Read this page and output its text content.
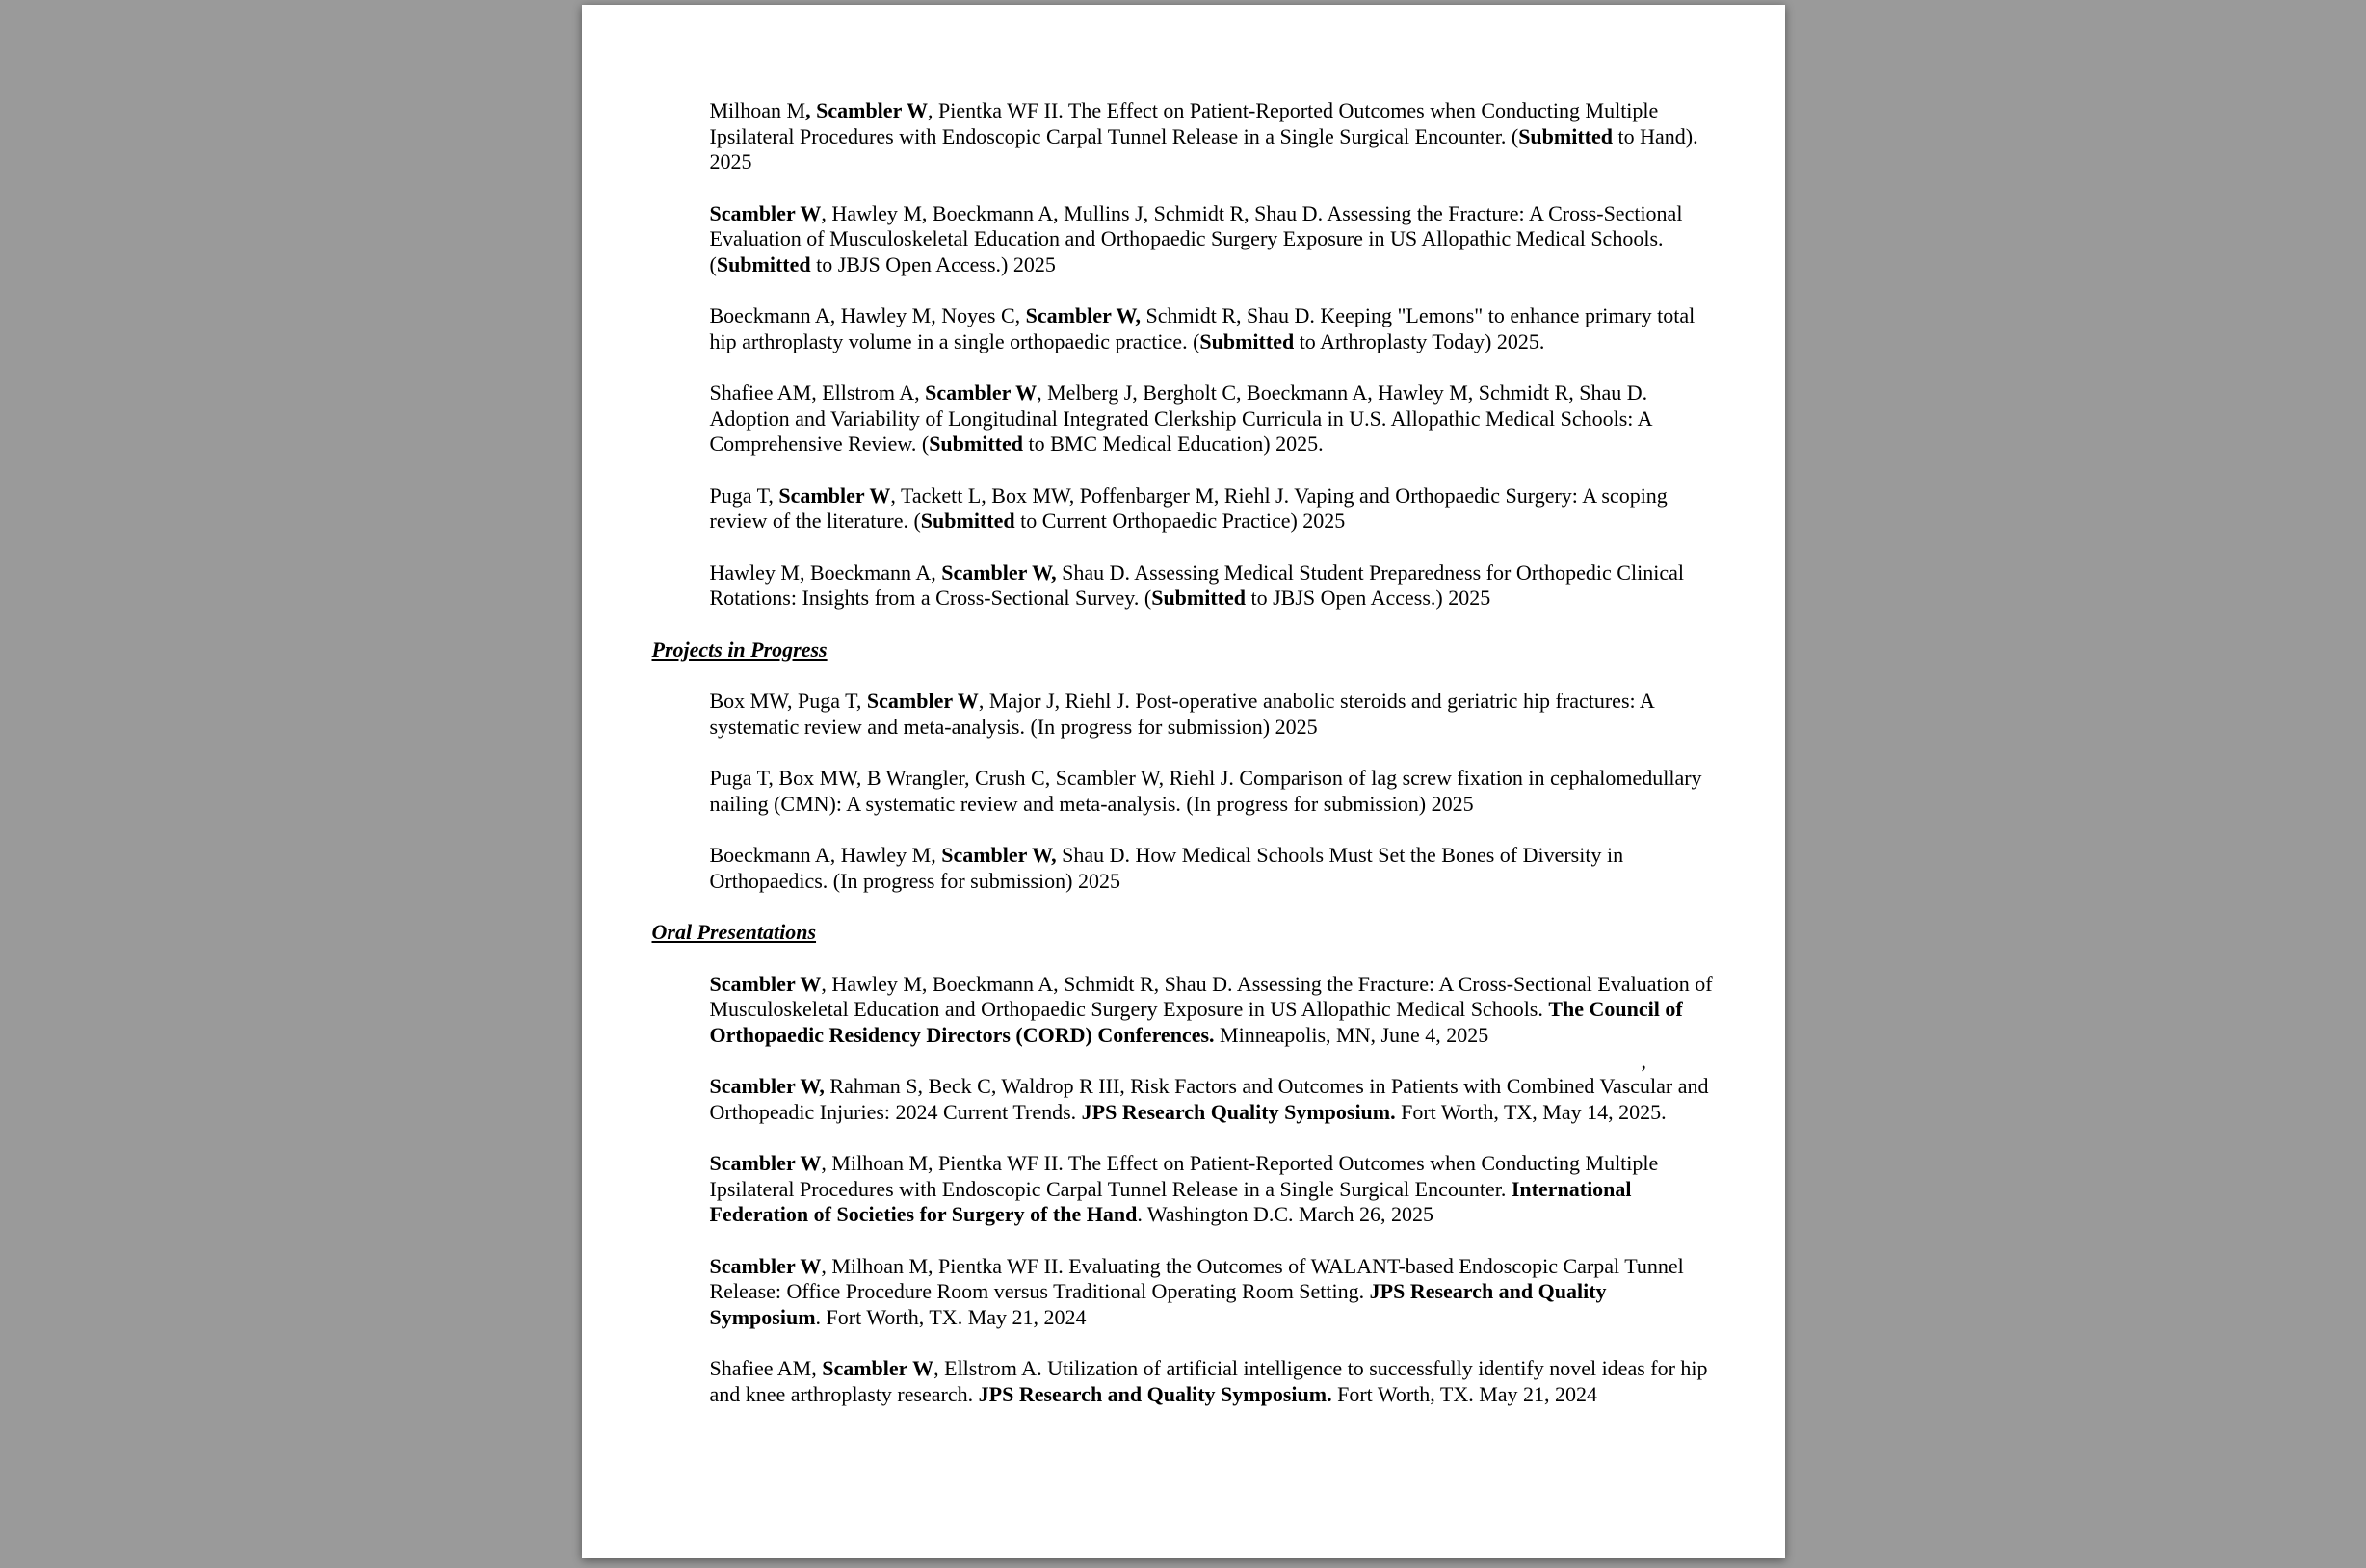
Milhoan M, Scambler W, Pientka WF II. The Effect on Patient-Reported Outcomes when Conducting Multiple Ipsilateral Procedures with Endoscopic Carpal Tunnel Release in a Single Surgical Encounter. (Submitted to Hand). 2025

Scambler W, Hawley M, Boeckmann A, Mullins J, Schmidt R, Shau D. Assessing the Fracture: A Cross-Sectional Evaluation of Musculoskeletal Education and Orthopaedic Surgery Exposure in US Allopathic Medical Schools. (Submitted to JBJS Open Access.) 2025

Boeckmann A, Hawley M, Noyes C, Scambler W, Schmidt R, Shau D. Keeping "Lemons" to enhance primary total hip arthroplasty volume in a single orthopaedic practice. (Submitted to Arthroplasty Today) 2025.

Shafiee AM, Ellstrom A, Scambler W, Melberg J, Bergholt C, Boeckmann A, Hawley M, Schmidt R, Shau D. Adoption and Variability of Longitudinal Integrated Clerkship Curricula in U.S. Allopathic Medical Schools: A Comprehensive Review. (Submitted to BMC Medical Education) 2025.

Puga T, Scambler W, Tackett L, Box MW, Poffenbarger M, Riehl J. Vaping and Orthopaedic Surgery: A scoping review of the literature. (Submitted to Current Orthopaedic Practice) 2025

Hawley M, Boeckmann A, Scambler W, Shau D. Assessing Medical Student Preparedness for Orthopedic Clinical Rotations: Insights from a Cross-Sectional Survey. (Submitted to JBJS Open Access.) 2025

Projects in Progress

Box MW, Puga T, Scambler W, Major J, Riehl J. Post-operative anabolic steroids and geriatric hip fractures: A systematic review and meta-analysis. (In progress for submission) 2025

Puga T, Box MW, B Wrangler, Crush C, Scambler W, Riehl J. Comparison of lag screw fixation in cephalomedullary nailing (CMN): A systematic review and meta-analysis. (In progress for submission) 2025

Boeckmann A, Hawley M, Scambler W, Shau D. How Medical Schools Must Set the Bones of Diversity in Orthopaedics. (In progress for submission) 2025

Oral Presentations

Scambler W, Hawley M, Boeckmann A, Schmidt R, Shau D. Assessing the Fracture: A Cross-Sectional Evaluation of Musculoskeletal Education and Orthopaedic Surgery Exposure in US Allopathic Medical Schools. The Council of Orthopaedic Residency Directors (CORD) Conferences. Minneapolis, MN, June 4, 2025

,

Scambler W, Rahman S, Beck C, Waldrop R III, Risk Factors and Outcomes in Patients with Combined Vascular and Orthopeadic Injuries: 2024 Current Trends. JPS Research Quality Symposium. Fort Worth, TX, May 14, 2025.

Scambler W, Milhoan M, Pientka WF II. The Effect on Patient-Reported Outcomes when Conducting Multiple Ipsilateral Procedures with Endoscopic Carpal Tunnel Release in a Single Surgical Encounter. International Federation of Societies for Surgery of the Hand. Washington D.C. March 26, 2025

Scambler W, Milhoan M, Pientka WF II. Evaluating the Outcomes of WALANT-based Endoscopic Carpal Tunnel Release: Office Procedure Room versus Traditional Operating Room Setting. JPS Research and Quality Symposium. Fort Worth, TX. May 21, 2024

Shafiee AM, Scambler W, Ellstrom A. Utilization of artificial intelligence to successfully identify novel ideas for hip and knee arthroplasty research. JPS Research and Quality Symposium. Fort Worth, TX. May 21, 2024
